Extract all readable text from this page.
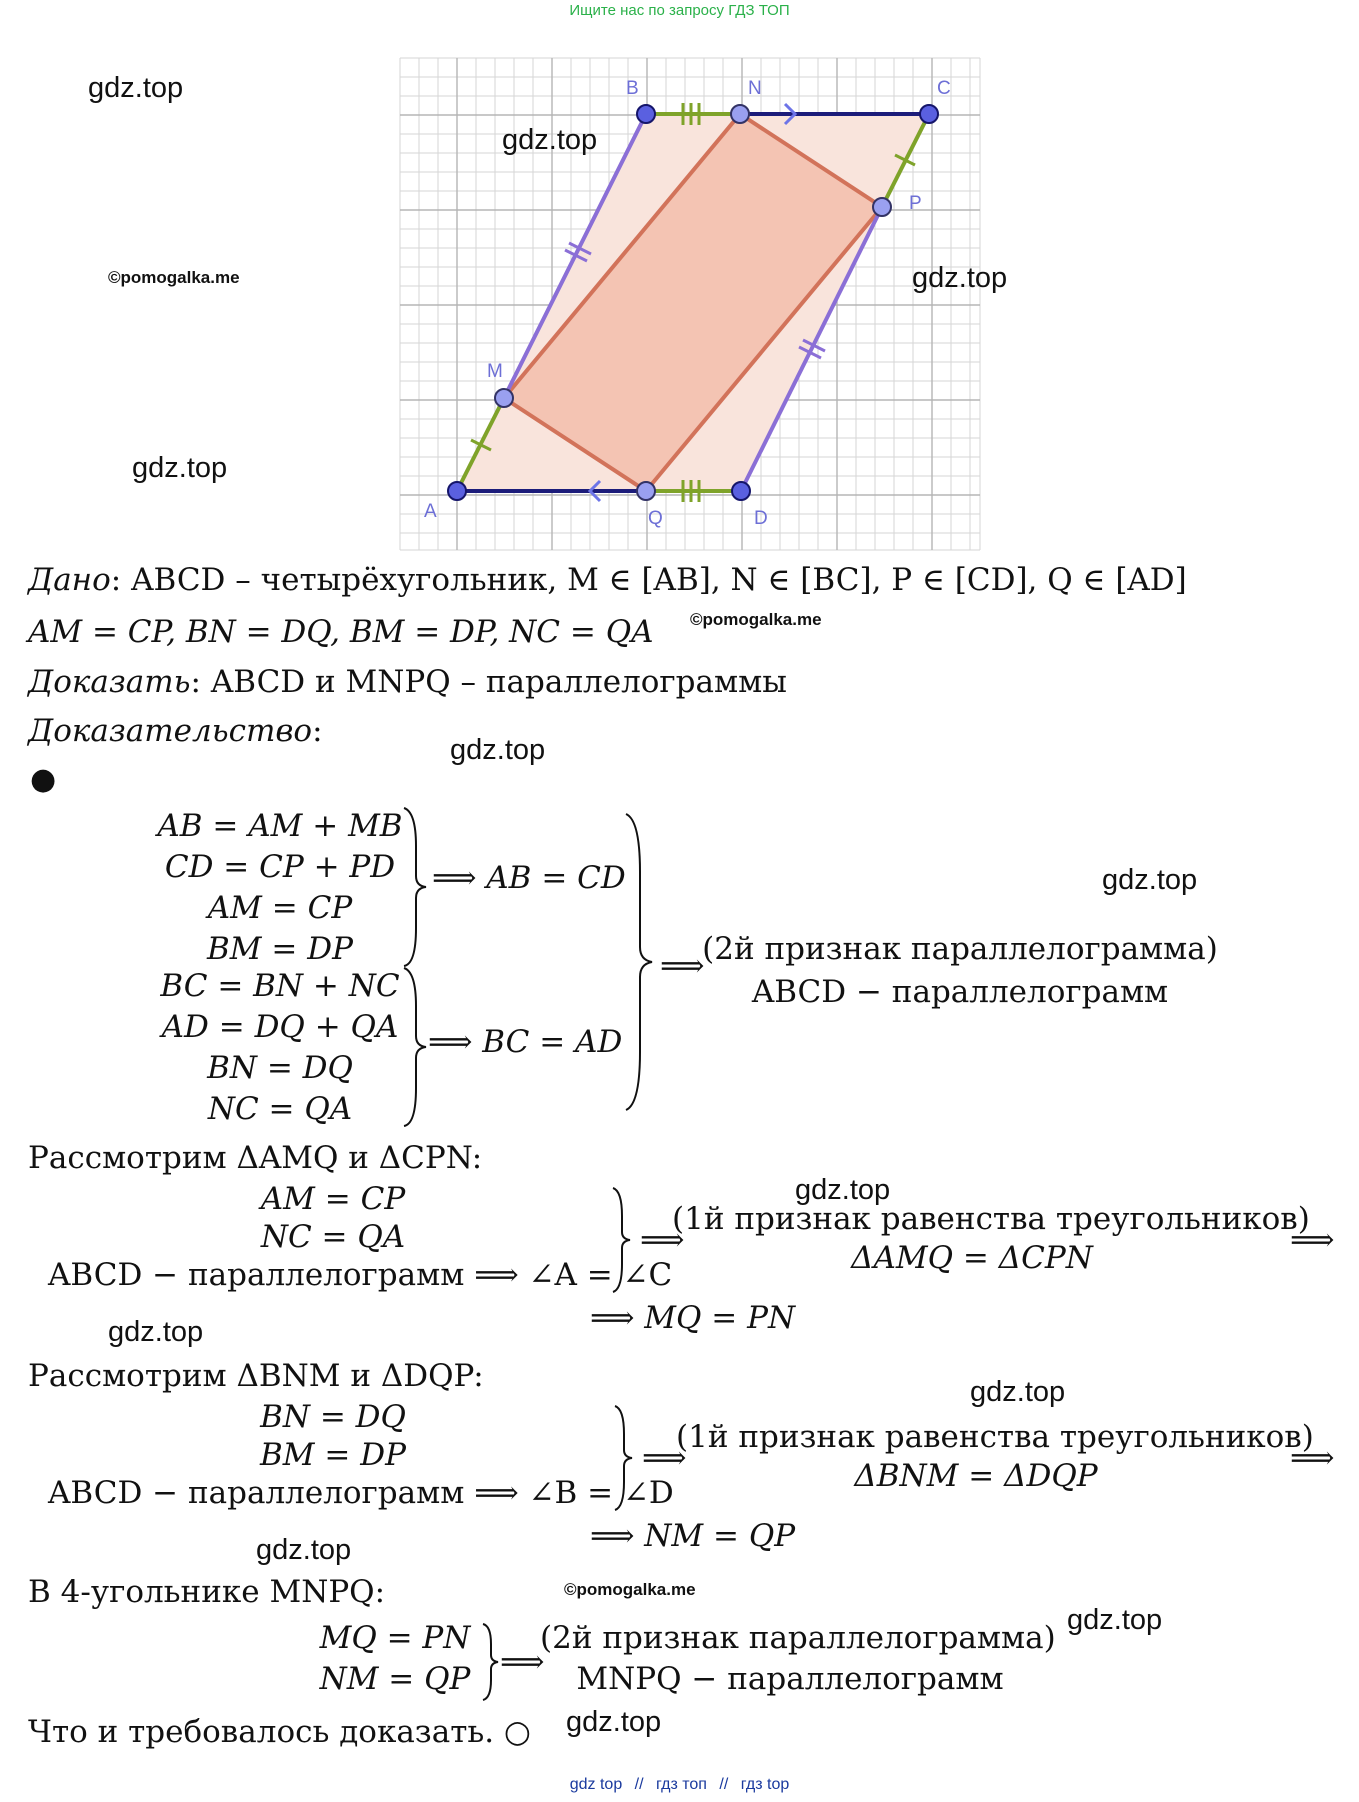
Ищите нас по запросу ГДЗ ТОП
A
B	C
D
M
N
P
Q
gdz.top
gdz.top
©pomogalka.me	gdz.top
gdz.top
©pomogalka.me
gdz.top
gdz.top
gdz.top
gdz.top
gdz.top
gdz.top
©pomogalka.me
gdz.top
gdz.top
Дано: ABCD – четырёхугольник, M ∈ [AB], N ∈ [BC], P ∈ [CD], Q ∈ [AD]
AM = CP, BN = DQ, BM = DP, NC = QA
Доказать: ABCD и MNPQ – параллелограммы
Доказательство:
●
AB = AM + MB
CD = CP + PD
AM = CP
BM = DP
⟹ AB = CD
BC = BN + NC
AD = DQ + QA
BN = DQ
NC = QA
⟹ BC = AD
⟹
(2й признак параллелограмма)
ABCD − параллелограмм
Рассмотрим ΔAMQ и ΔCPN:
AM = CP
NC = QA
ABCD − параллелограмм ⟹ ∠A = ∠C
⟹
(1й признак равенства треугольников)
ΔAMQ = ΔCPN	⟹
⟹ MQ = PN
Рассмотрим ΔBNM и ΔDQP:
BN = DQ
BM = DP
ABCD − параллелограмм ⟹ ∠B = ∠D
⟹
(1й признак равенства треугольников)
ΔBNM = ΔDQP	⟹
⟹ NM = QP
В 4-угольнике MNPQ:
MQ = PN
NM = QP ⟹
(2й признак параллелограмма)
MNPQ − параллелограмм
Что и требовалось доказать. ○
gdz top // гдз топ // гдз top
